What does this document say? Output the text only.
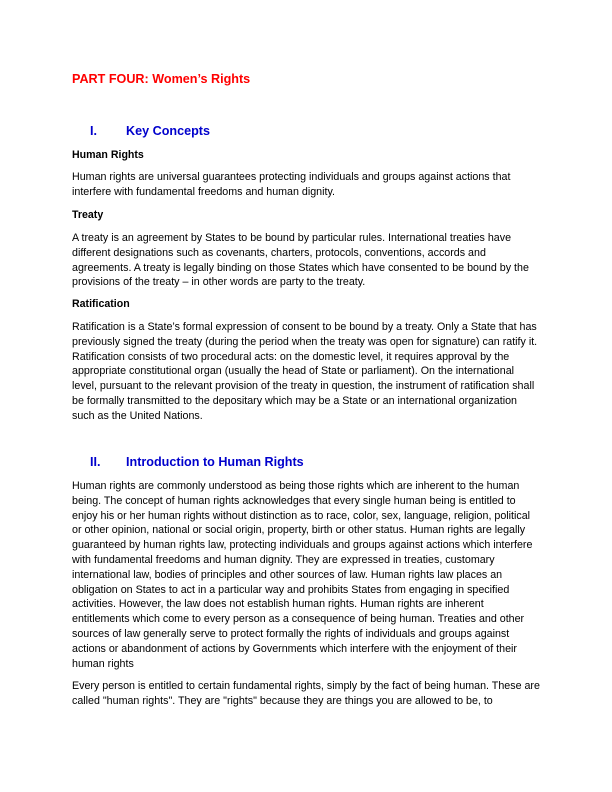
PART FOUR: Women’s Rights
I. Key Concepts
Human Rights
Human rights are universal guarantees protecting individuals and groups against actions that interfere with fundamental freedoms and human dignity.
Treaty
A treaty is an agreement by States to be bound by particular rules. International treaties have different designations such as covenants, charters, protocols, conventions, accords and agreements. A treaty is legally binding on those States which have consented to be bound by the provisions of the treaty – in other words are party to the treaty.
Ratification
Ratification is a State’s formal expression of consent to be bound by a treaty. Only a State that has previously signed the treaty (during the period when the treaty was open for signature) can ratify it. Ratification consists of two procedural acts: on the domestic level, it requires approval by the appropriate constitutional organ (usually the head of State or parliament). On the international level, pursuant to the relevant provision of the treaty in question, the instrument of ratification shall be formally transmitted to the depositary which may be a State or an international organization such as the United Nations.
II. Introduction to Human Rights
Human rights are commonly understood as being those rights which are inherent to the human being. The concept of human rights acknowledges that every single human being is entitled to enjoy his or her human rights without distinction as to race, color, sex, language, religion, political or other opinion, national or social origin, property, birth or other status. Human rights are legally guaranteed by human rights law, protecting individuals and groups against actions which interfere with fundamental freedoms and human dignity. They are expressed in treaties, customary international law, bodies of principles and other sources of law. Human rights law places an obligation on States to act in a particular way and prohibits States from engaging in specified activities. However, the law does not establish human rights. Human rights are inherent entitlements which come to every person as a consequence of being human. Treaties and other sources of law generally serve to protect formally the rights of individuals and groups against actions or abandonment of actions by Governments which interfere with the enjoyment of their human rights
Every person is entitled to certain fundamental rights, simply by the fact of being human. These are called "human rights". They are "rights" because they are things you are allowed to be, to
